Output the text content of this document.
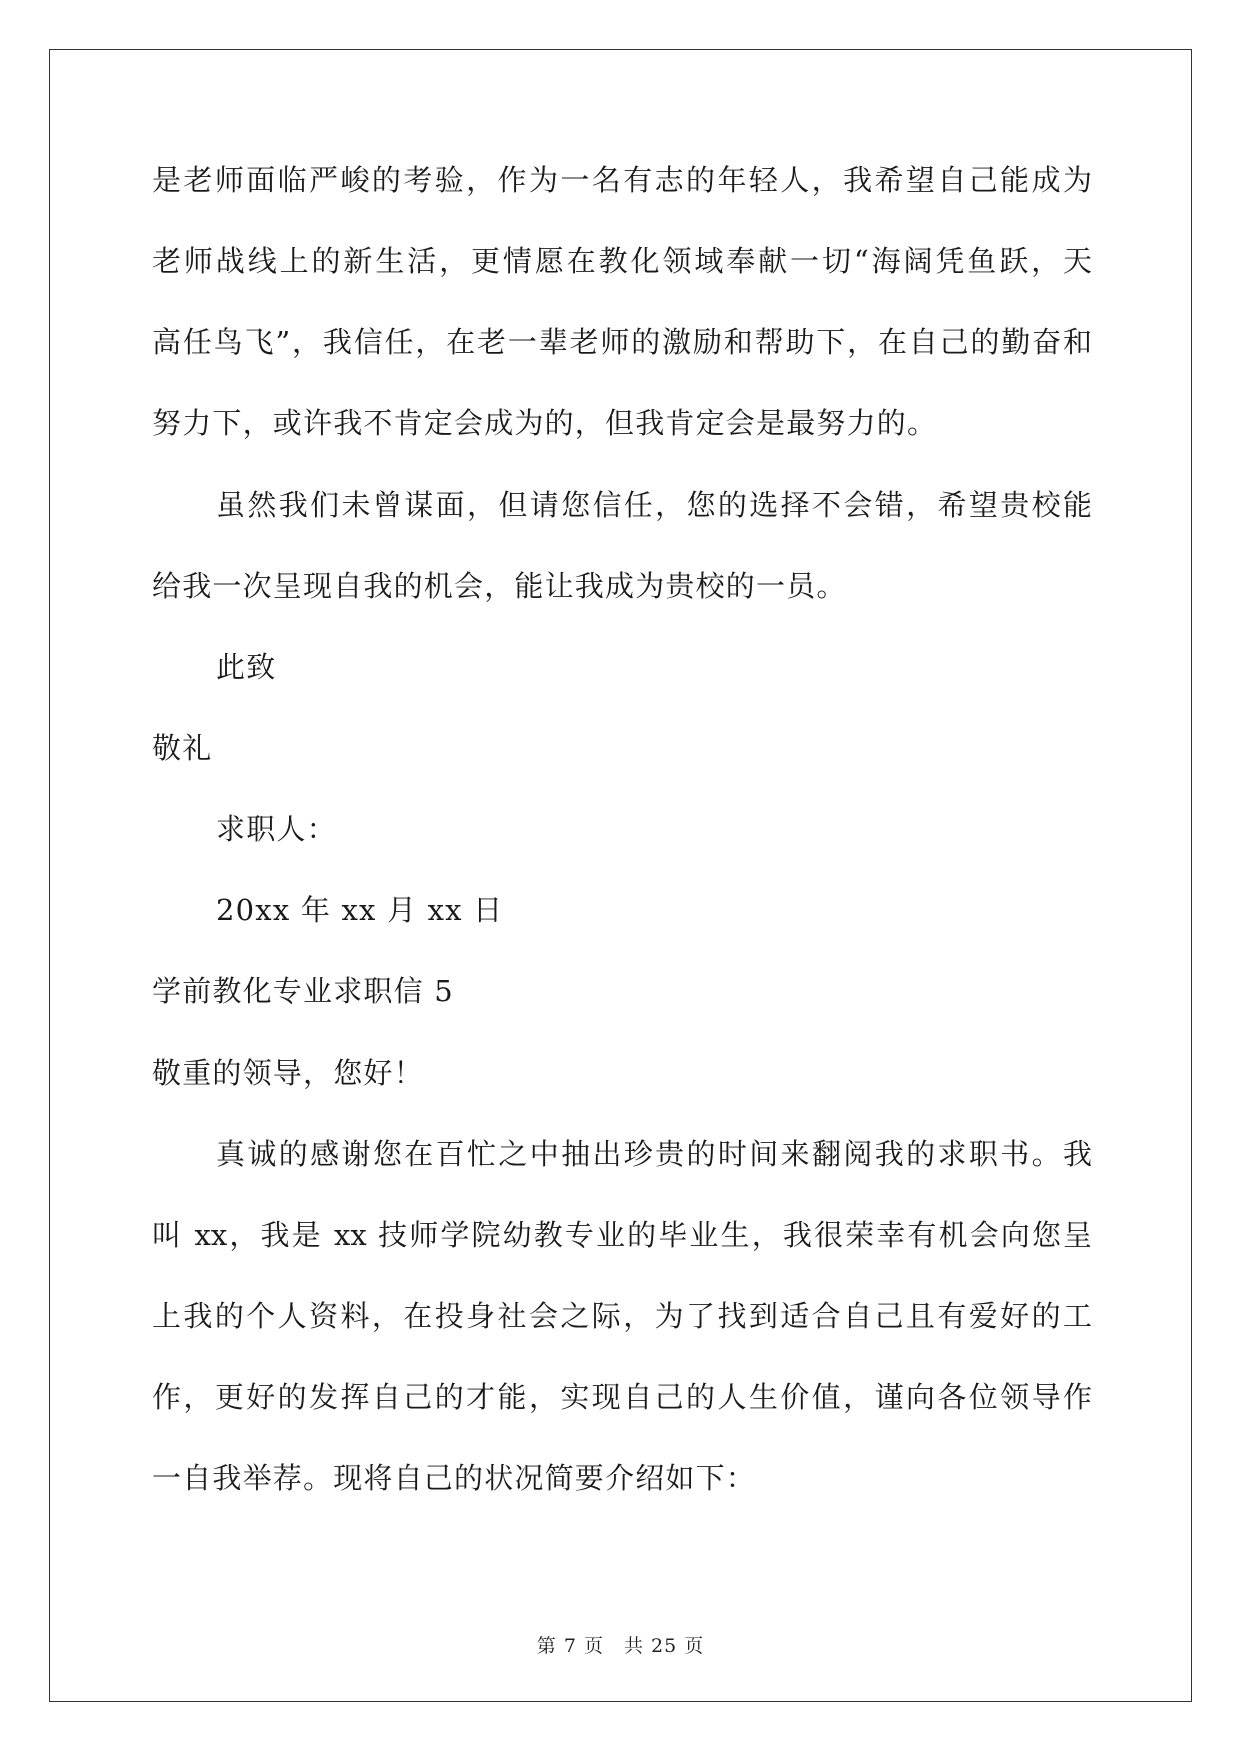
是老师面临严峻的考验，作为一名有志的年轻人，我希望自己能成为
老师战线上的新生活，更情愿在教化领域奉献一切“海阔凭鱼跃，天
高任鸟飞”，我信任，在老一辈老师的激励和帮助下，在自己的勤奋和
努力下，或许我不肯定会成为的，但我肯定会是最努力的。
虽然我们未曾谋面，但请您信任，您的选择不会错，希望贵校能
给我一次呈现自我的机会，能让我成为贵校的一员。
此致
敬礼
求职人：
20xx 年 xx 月 xx 日
学前教化专业求职信 5
敬重的领导，您好！
真诚的感谢您在百忙之中抽出珍贵的时间来翻阅我的求职书。我
叫 xx，我是 xx 技师学院幼教专业的毕业生，我很荣幸有机会向您呈
上我的个人资料，在投身社会之际，为了找到适合自己且有爱好的工
作，更好的发挥自己的才能，实现自己的人生价值，谨向各位领导作
一自我举荐。现将自己的状况简要介绍如下：
第 7 页　共 25 页
